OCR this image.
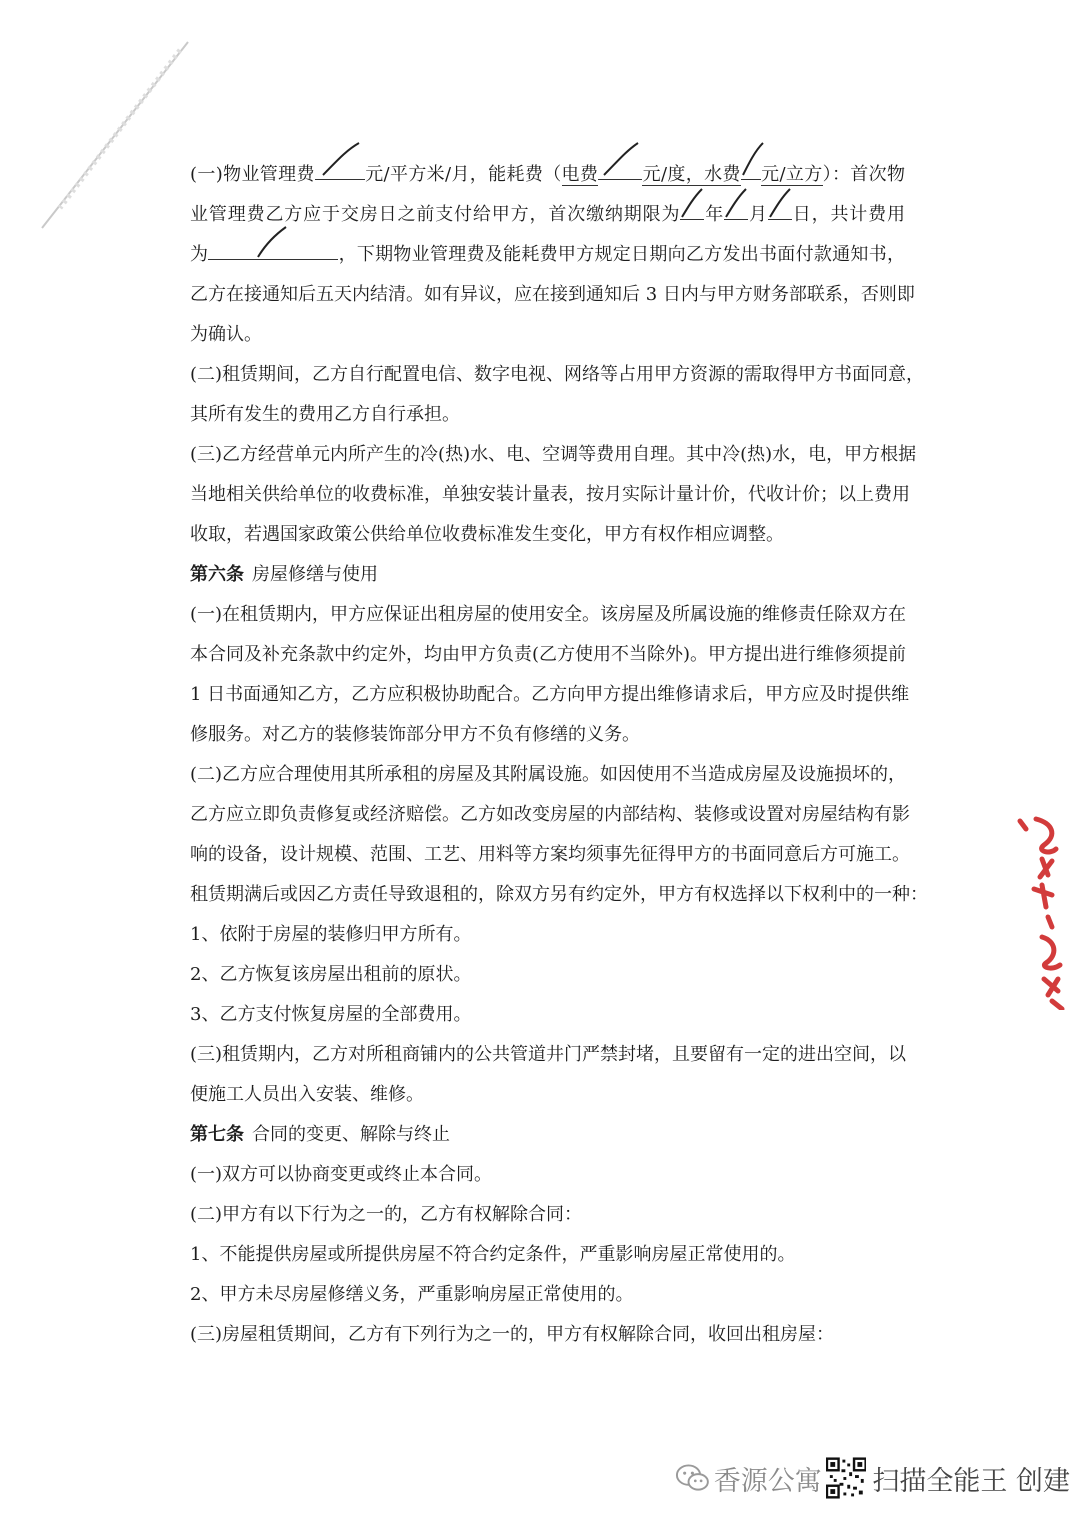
(一)物业管理费	元/平方米/月，能耗费（电费 元/度，水费 元/立方）：首次物
业管理费乙方应于交房日之前支付给甲方，首次缴纳期限为 年 月 日，共计费用
为	，下期物业管理费及能耗费甲方规定日期向乙方发出书面付款通知书，
乙方在接通知后五天内结清。如有异议，应在接到通知后 3 日内与甲方财务部联系，否则即
为确认。
(二)租赁期间，乙方自行配置电信、数字电视、网络等占用甲方资源的需取得甲方书面同意，
其所有发生的费用乙方自行承担。
(三)乙方经营单元内所产生的冷(热)水、电、空调等费用自理。其中冷(热)水，电，甲方根据
当地相关供给单位的收费标准，单独安装计量表，按月实际计量计价，代收计价；以上费用
收取，若遇国家政策公供给单位收费标准发生变化，甲方有权作相应调整。
第六条 房屋修缮与使用
(一)在租赁期内，甲方应保证出租房屋的使用安全。该房屋及所属设施的维修责任除双方在
本合同及补充条款中约定外，均由甲方负责(乙方使用不当除外)。甲方提出进行维修须提前
1 日书面通知乙方，乙方应积极协助配合。乙方向甲方提出维修请求后，甲方应及时提供维
修服务。对乙方的装修装饰部分甲方不负有修缮的义务。
(二)乙方应合理使用其所承租的房屋及其附属设施。如因使用不当造成房屋及设施损坏的，
乙方应立即负责修复或经济赔偿。乙方如改变房屋的内部结构、装修或设置对房屋结构有影
响的设备，设计规模、范围、工艺、用料等方案均须事先征得甲方的书面同意后方可施工。
租赁期满后或因乙方责任导致退租的，除双方另有约定外，甲方有权选择以下权利中的一种：
1、依附于房屋的装修归甲方所有。
2、乙方恢复该房屋出租前的原状。
3、乙方支付恢复房屋的全部费用。
(三)租赁期内，乙方对所租商铺内的公共管道井门严禁封堵，且要留有一定的进出空间，以
便施工人员出入安装、维修。
第七条 合同的变更、解除与终止
(一)双方可以协商变更或终止本合同。
(二)甲方有以下行为之一的，乙方有权解除合同：
1、不能提供房屋或所提供房屋不符合约定条件，严重影响房屋正常使用的。
2、甲方未尽房屋修缮义务，严重影响房屋正常使用的。
(三)房屋租赁期间，乙方有下列行为之一的，甲方有权解除合同，收回出租房屋：
香源公寓 扫描全能王 创建
